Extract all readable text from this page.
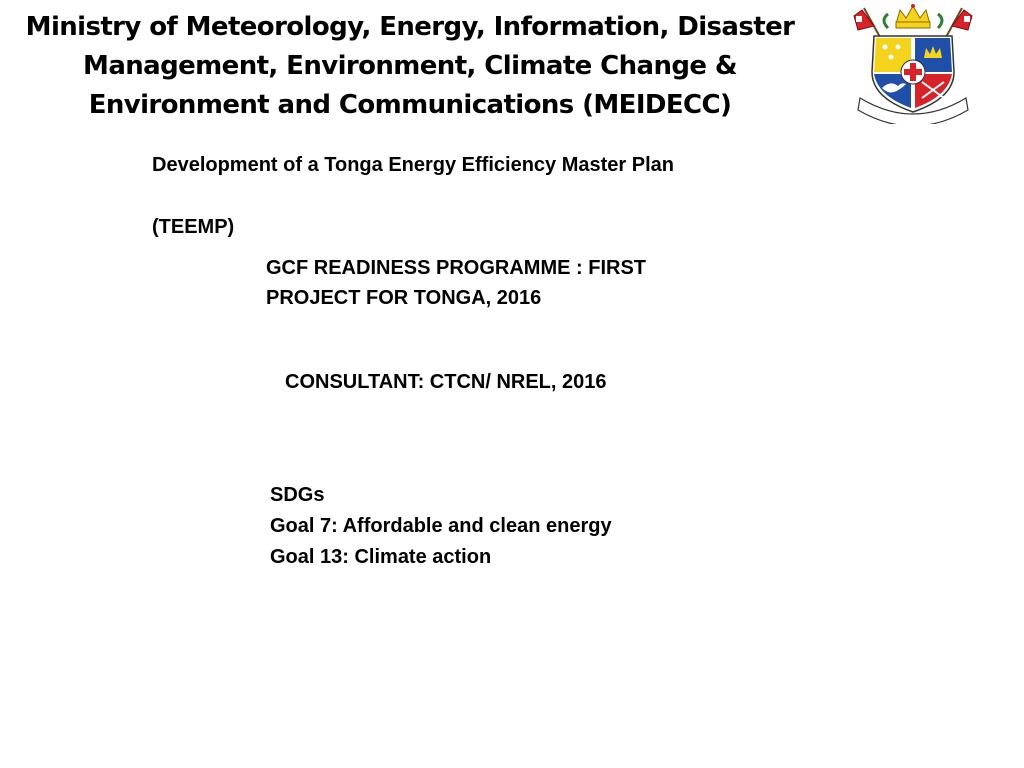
Ministry of Meteorology, Energy, Information, Disaster
Management, Environment, Climate Change &
Environment and Communications (MEIDECC)
Development of a Tonga Energy Efficiency Master Plan
(TEEMP)
GCF READINESS PROGRAMME : FIRST
PROJECT FOR TONGA, 2016
CONSULTANT: CTCN/ NREL, 2016
SDGs
Goal 7: Affordable and clean energy
Goal 13: Climate action
